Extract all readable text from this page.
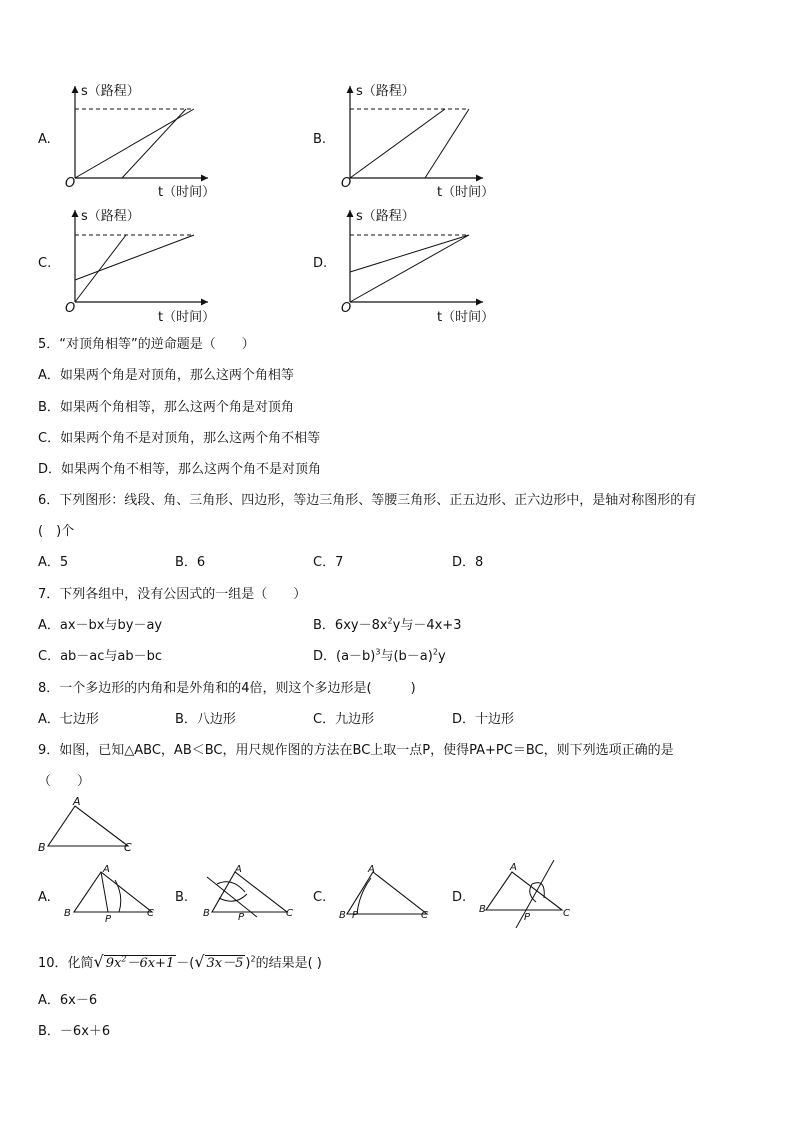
A.
s（路程）
t（时间）
O
B.
s（路程）
t（时间）
O
C.
s（路程）
t（时间）
O
D.
s（路程）
t（时间）
O
5．“对顶角相等”的逆命题是（　　）
A．如果两个角是对顶角，那么这两个角相等
B．如果两个角相等，那么这两个角是对顶角
C．如果两个角不是对顶角，那么这两个角不相等
D．如果两个角不相等，那么这两个角不是对顶角
6．下列图形：线段、角、三角形、四边形，等边三角形、等腰三角形、正五边形、正六边形中，是轴对称图形的有
(　)个
A．5	B．6	C．7	D．8
7．下列各组中，没有公因式的一组是（　　）
A．ax－bx与by－ay	B．$6xy-8x^2y$与－4x+3
C．ab－ac与ab－bc	D．$(a-b)^3$与$(b-a)^2y$
8．一个多边形的内角和是外角和的4倍，则这个多边形是(　　　)
A．七边形	B．八边形	C．九边形	D．十边形
9．如图，已知△ABC，AB＜BC，用尺规作图的方法在BC上取一点P，使得PA+PC＝BC，则下列选项正确的是
（　　）
A
B	C
A.
A
B	C
P
B.
A
B	C
P
C.
A
B	C
P
D.
A
B	C
P
10．化简√ $9x^2-6x+1$ －(√ 3x－5 )$^2$的结果是( )
A．6x－6
B．－6x＋6
